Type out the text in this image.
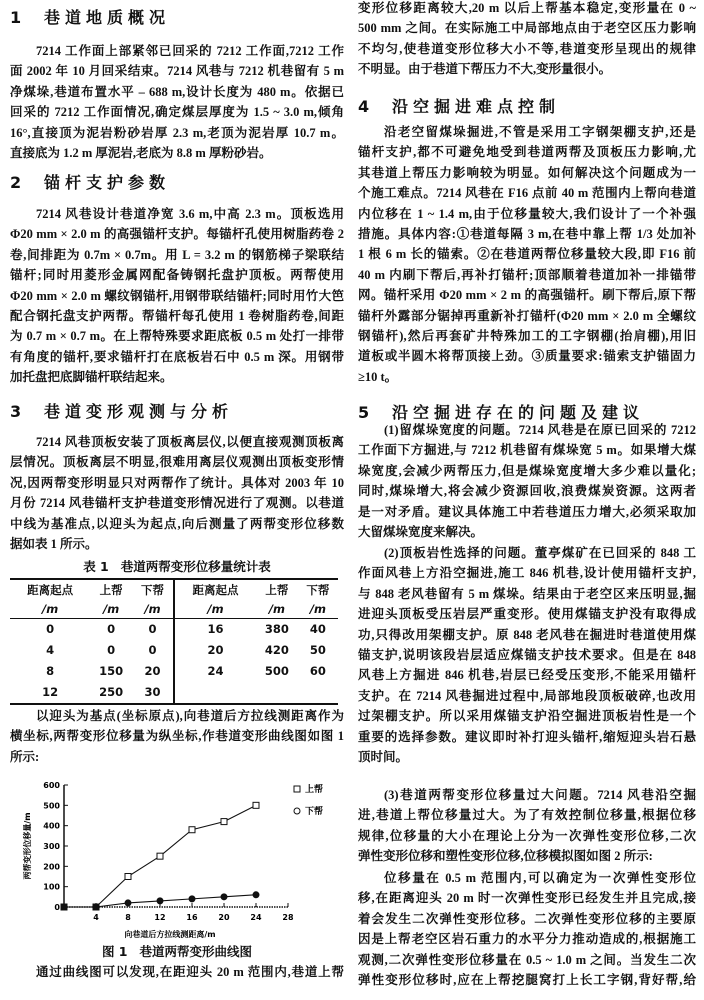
1 巷道地质概况
7214 工作面上部紧邻已回采的 7212 工作面,7212 工作
面 2002 年 10 月回采结束。7214 风巷与 7212 机巷留有 5 m
净煤垛,巷道布置水平 – 688 m,设计长度为 480 m。依据已
回采的 7212 工作面情况,确定煤层厚度为 1.5 ~ 3.0 m,倾角
16°,直接顶为泥岩粉砂岩厚 2.3 m,老顶为泥岩厚 10.7 m。
直接底为 1.2 m 厚泥岩,老底为 8.8 m 厚粉砂岩。
2 锚杆支护参数
7214 风巷设计巷道净宽 3.6 m,中高 2.3 m。顶板选用
Φ20 mm × 2.0 m 的高强锚杆支护。每锚杆孔使用树脂药卷 2
卷,间排距为 0.7m × 0.7m。用 L = 3.2 m 的钢筋梯子梁联结
锚杆;同时用菱形金属网配备铸钢托盘护顶板。两帮使用
Φ20 mm × 2.0 m 螺纹钢锚杆,用钢带联结锚杆;同时用竹大笆
配合钢托盘支护两帮。帮锚杆每孔使用 1 卷树脂药卷,间距
为 0.7 m × 0.7 m。在上帮特殊要求距底板 0.5 m 处打一排带
有角度的锚杆,要求锚杆打在底板岩石中 0.5 m 深。用钢带
加托盘把底脚锚杆联结起来。
3 巷道变形观测与分析
7214 风巷顶板安装了顶板离层仪,以便直接观测顶板离
层情况。顶板离层不明显,很难用离层仪观测出顶板变形情
况,因两帮变形明显只对两帮作了统计。具体对 2003 年 10
月份 7214 风巷锚杆支护巷道变形情况进行了观测。以巷道
中线为基准点,以迎头为起点,向后测量了两帮变形位移数
据如表 1 所示。
表 1 巷道两帮变形位移量统计表
距离起点	上帮	下帮	距离起点	上帮	下帮
/m	/m	/m	/m	/m	/m
0	0	0	16	380	40
4	0	0	20	420	50
8	150	20	24	500	60
12	250	30			
以迎头为基点(坐标原点),向巷道后方拉线测距离作为
横坐标,两帮变形位移量为纵坐标,作巷道变形曲线图如图 1
所示:
0
100
200
300
400
500
600
4	8	12	16	20	24	28
向巷道后方拉线测距离/m
两帮变形位移量/m
上帮
下帮
图 1 巷道两帮变形曲线图
通过曲线图可以发现,在距迎头 20 m 范围内,巷道上帮
变形位移距离较大,20 m 以后上帮基本稳定,变形量在 0 ~
500 mm 之间。在实际施工中局部地点由于老空区压力影响
不均匀,使巷道变形位移大小不等,巷道变形呈现出的规律
不明显。由于巷道下帮压力不大,变形量很小。
4 沿空掘进难点控制
沿老空留煤垛掘进,不管是采用工字钢架棚支护,还是
锚杆支护,都不可避免地受到巷道两帮及顶板压力影响,尤
其巷道上帮压力影响较为明显。如何解决这个问题成为一
个施工难点。7214 风巷在 F16 点前 40 m 范围内上帮向巷道
内位移在 1 ~ 1.4 m,由于位移量较大,我们设计了一个补强
措施。具体内容:①巷道每隔 3 m,在巷中靠上帮 1/3 处加补
1 根 6 m 长的锚索。②在巷道两帮位移量较大段,即 F16 前
40 m 内刷下帮后,再补打锚杆;顶部顺着巷道加补一排锚带
网。锚杆采用 Φ20 mm × 2 m 的高强锚杆。刷下帮后,原下帮
锚杆外露部分锯掉再重新补打锚杆(Φ20 mm × 2.0 m 全螺纹
钢锚杆),然后再套矿井特殊加工的工字钢棚(抬肩棚),用旧
道板或半圆木将帮顶接上劲。③质量要求:锚索支护锚固力
≥10 t。
5 沿空掘进存在的问题及建议
(1)留煤垛宽度的问题。7214 风巷是在原已回采的 7212
工作面下方掘进,与 7212 机巷留有煤垛宽 5 m。如果增大煤
垛宽度,会减少两帮压力,但是煤垛宽度增大多少难以量化;
同时,煤垛增大,将会减少资源回收,浪费煤炭资源。这两者
是一对矛盾。建议具体施工中若巷道压力增大,必须采取加
大留煤垛宽度来解决。
(2)顶板岩性选择的问题。董亭煤矿在已回采的 848 工
作面风巷上方沿空掘进,施工 846 机巷,设计使用锚杆支护,
与 848 老风巷留有 5 m 煤垛。结果由于老空区来压明显,掘
进迎头顶板受压岩层严重变形。使用煤锚支护没有取得成
功,只得改用架棚支护。原 848 老风巷在掘进时巷道使用煤
锚支护,说明该段岩层适应煤锚支护技术要求。但是在 848
风巷上方掘进 846 机巷,岩层已经受压变形,不能采用锚杆
支护。在 7214 风巷掘进过程中,局部地段顶板破碎,也改用
过架棚支护。所以采用煤锚支护沿空掘进顶板岩性是一个
重要的选择参数。建议即时补打迎头锚杆,缩短迎头岩石悬
顶时间。
(3)巷道两帮变形位移量过大问题。7214 风巷沿空掘
进,巷道上帮位移量过大。为了有效控制位移量,根据位移
规律,位移量的大小在理论上分为一次弹性变形位移,二次
弹性变形位移和塑性变形位移,位移模拟图如图 2 所示:
位移量在 0.5 m 范围内,可以确定为一次弹性变形位
移,在距离迎头 20 m 时一次弹性变形已经发生并且完成,接
着会发生二次弹性变形位移。二次弹性变形位移的主要原
因是上帮老空区岩石重力的水平分力推动造成的,根据施工
观测,二次弹性变形位移量在 0.5 ~ 1.0 m 之间。当发生二次
弹性变形位移时,应在上帮挖腿窝打上长工字钢,背好帮,给
